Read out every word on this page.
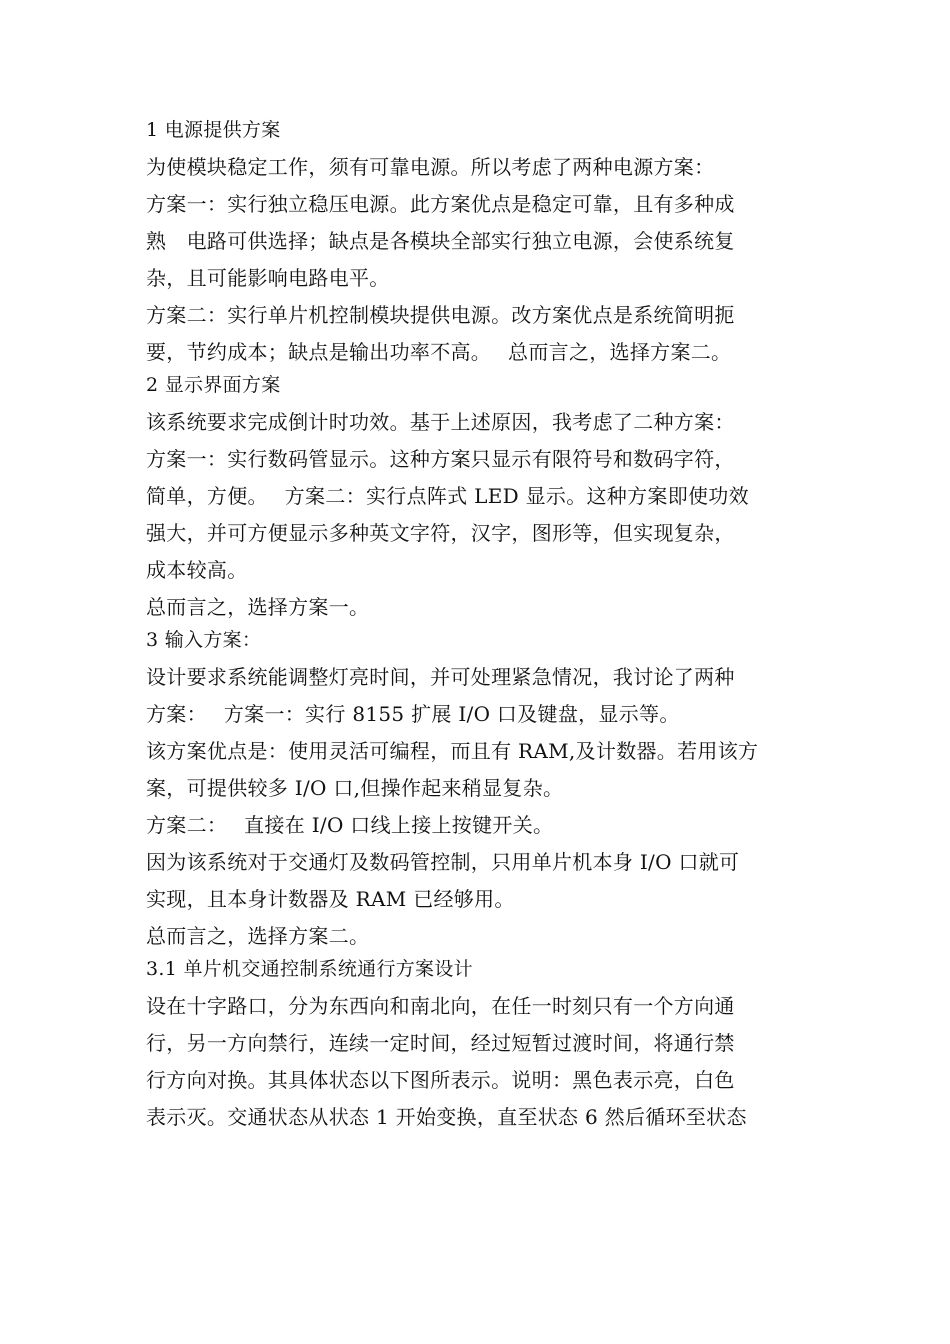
1 电源提供方案
为使模块稳定工作，须有可靠电源。所以考虑了两种电源方案：
方案一：实行独立稳压电源。此方案优点是稳定可靠，且有多种成
熟　电路可供选择；缺点是各模块全部实行独立电源，会使系统复
杂，且可能影响电路电平。
方案二：实行单片机控制模块提供电源。改方案优点是系统简明扼
要，节约成本；缺点是输出功率不高。　 总而言之，选择方案二。
2 显示界面方案
该系统要求完成倒计时功效。基于上述原因，我考虑了二种方案：
方案一：实行数码管显示。这种方案只显示有限符号和数码字符，
简单，方便。　 方案二：实行点阵式 LED 显示。这种方案即使功效
强大，并可方便显示多种英文字符，汉字，图形等，但实现复杂，
成本较高。
总而言之，选择方案一。
3 输入方案：
设计要求系统能调整灯亮时间，并可处理紧急情况，我讨论了两种
方案：　 方案一：实行 8155 扩展 I/O 口及键盘，显示等。
该方案优点是：使用灵活可编程，而且有 RAM,及计数器。若用该方
案，可提供较多 I/O 口,但操作起来稍显复杂。
方案二：　 直接在 I/O 口线上接上按键开关。
因为该系统对于交通灯及数码管控制，只用单片机本身 I/O 口就可
实现，且本身计数器及 RAM 已经够用。
总而言之，选择方案二。
3.1 单片机交通控制系统通行方案设计
设在十字路口，分为东西向和南北向，在任一时刻只有一个方向通
行，另一方向禁行，连续一定时间，经过短暂过渡时间，将通行禁
行方向对换。其具体状态以下图所表示。说明：黑色表示亮，白色
表示灭。交通状态从状态 1 开始变换，直至状态 6 然后循环至状态
